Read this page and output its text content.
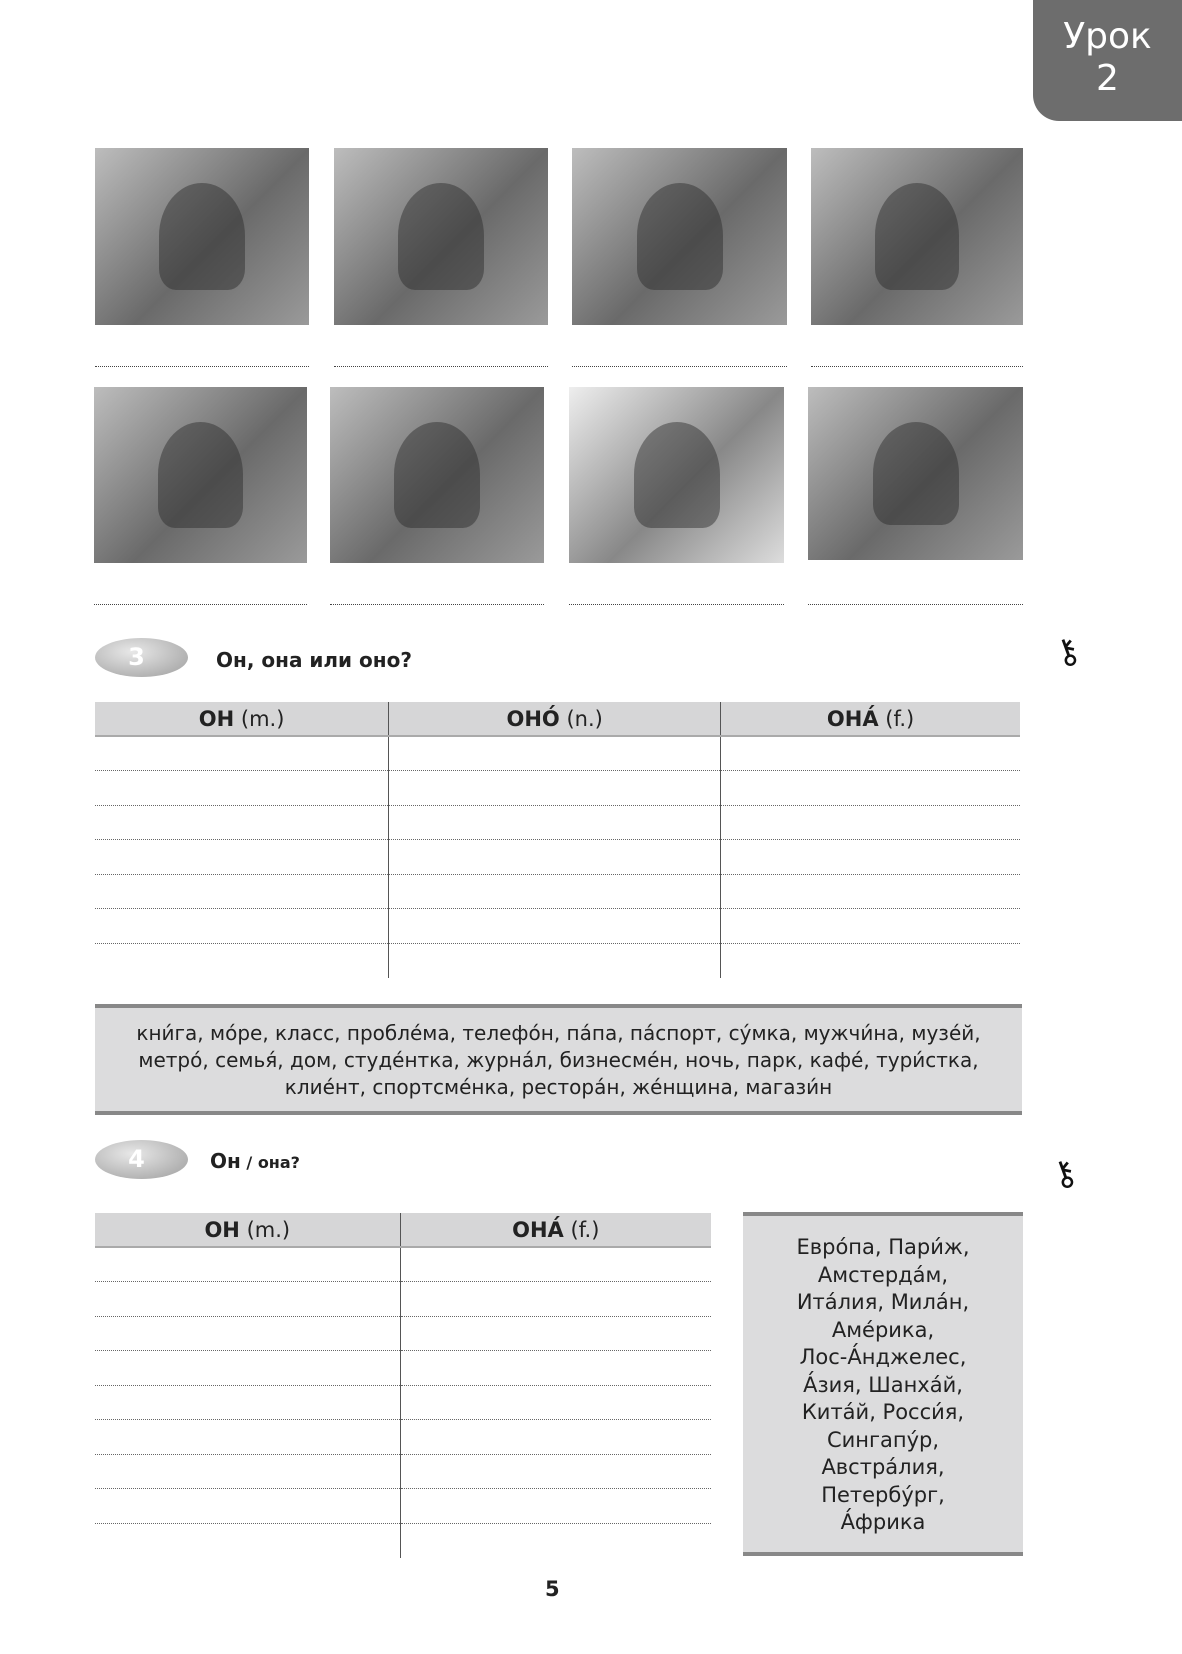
Урок
2
3	Он, она или оно?	⚷
ОН (m.)	ОНО́ (n.)	ОНА́ (f.)

кни́га, мо́ре, класс, пробле́ма, телефо́н, па́па, па́спорт, су́мка, мужчи́на, музе́й,
метро́, семья́, дом, студе́нтка, журна́л, бизнесме́н, ночь, парк, кафе́, тури́стка,
клие́нт, спортсме́нка, рестора́н, же́нщина, магази́н
4	Он / она?	⚷
ОН (m.)	ОНА́ (f.)

Евро́па, Пари́ж,
Амстерда́м,
Ита́лия, Мила́н,
Аме́рика,
Лос-А́нджелес,
А́зия, Шанха́й,
Кита́й, Росси́я,
Сингапу́р,
Австра́лия,
Петербу́рг,
А́фрика
5
